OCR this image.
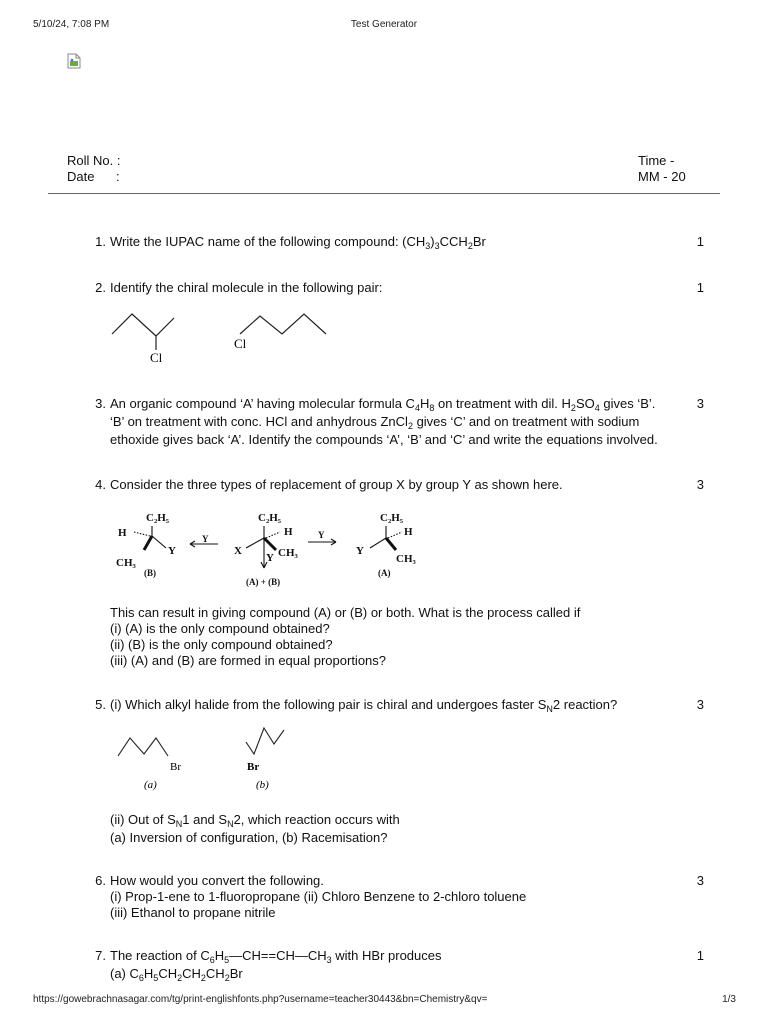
5/10/24, 7:08 PM	Test Generator
Roll No. :
Date :
Time -
MM - 20
1. Write the IUPAC name of the following compound: $(CH_3)_3CCH_2Br$	1
2. Identify the chiral molecule in the following pair:	1
Cl
Cl
3. An organic compound ‘A’ having molecular formula $C_4H_8$ on treatment with dil. $H_2SO_4$ gives ‘B’.
‘B’ on treatment with conc. HCl and anhydrous ZnCl$_2$ gives ‘C’ and on treatment with sodium
ethoxide gives back ‘A’. Identify the compounds ‘A’, ‘B’ and ‘C’ and write the equations involved.
3
4. Consider the three types of replacement of group X by group Y as shown here.	3
C₂H₅
H
Y
CH₃
(B)
C₂H₅
H
X
Y CH₃
(A) + (B)
C₂H₅
H
Y
CH₃
(A)
Y	Y
This can result in giving compound (A) or (B) or both. What is the process called if
(i) (A) is the only compound obtained?
(ii) (B) is the only compound obtained?
(iii) (A) and (B) are formed in equal proportions?
5. (i) Which alkyl halide from the following pair is chiral and undergoes faster $S_N2$ reaction?	3
Br	Br
(a)	(b)
(ii) Out of $S_N1$ and $S_N2$, which reaction occurs with
(a) Inversion of configuration, (b) Racemisation?
6. How would you convert the following.
(i) Prop-1-ene to 1-fluoropropane (ii) Chloro Benzene to 2-chloro toluene
(iii) Ethanol to propane nitrile
3
7. The reaction of $C_6H_5—CH==CH—CH_3$ with HBr produces
(a) $C_6H_5CH_2CH_2CH_2Br$
1
https://gowebrachnasagar.com/tg/print-englishfonts.php?username=teacher30443&bn=Chemistry&qv=	1/3
